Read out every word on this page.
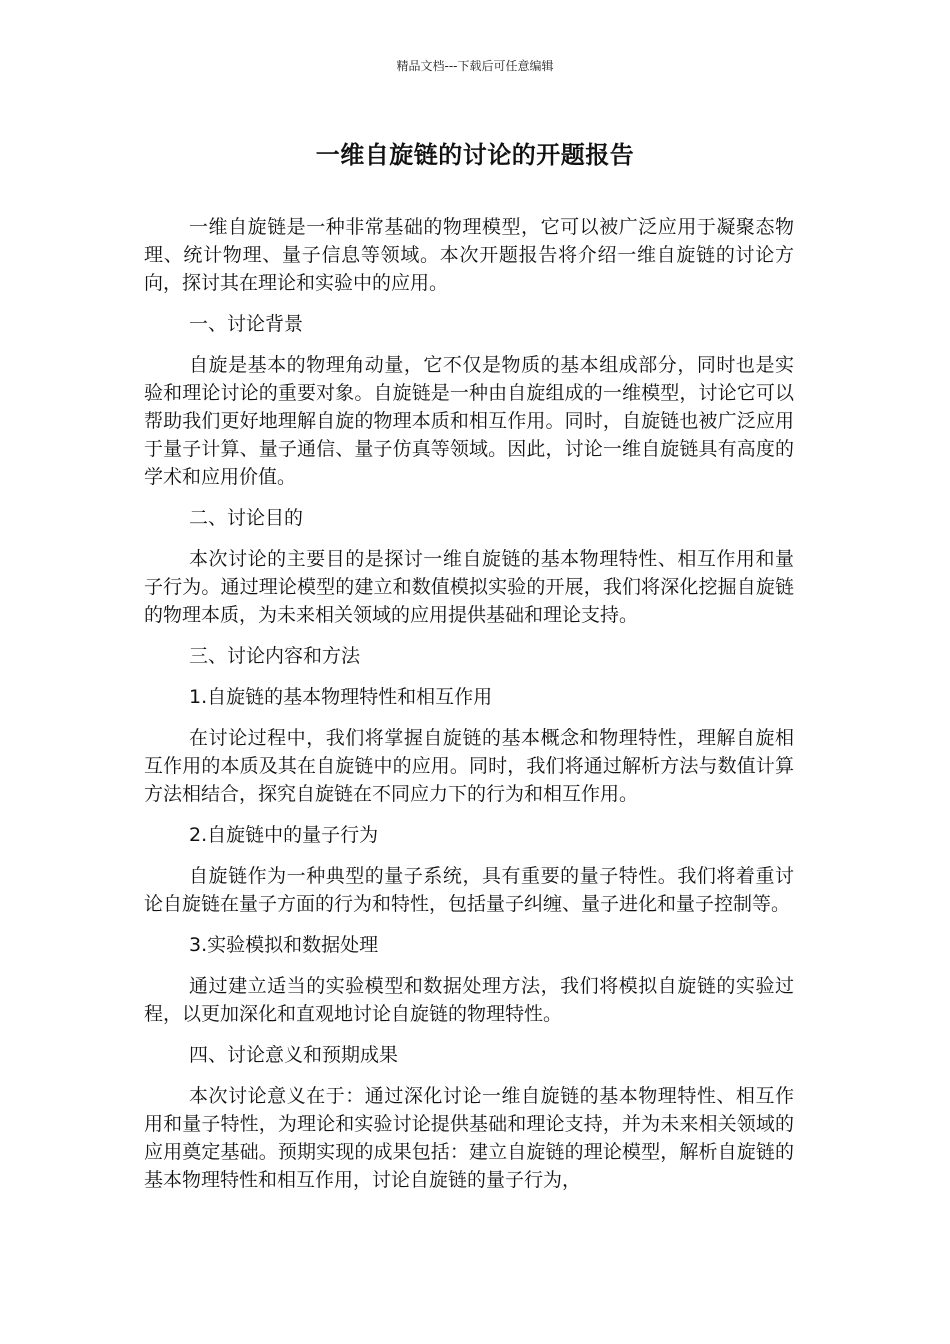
精品文档---下载后可任意编辑
一维自旋链的讨论的开题报告

一维自旋链是一种非常基础的物理模型，它可以被广泛应用于凝聚态物理、统计物理、量子信息等领域。本次开题报告将介绍一维自旋链的讨论方向，探讨其在理论和实验中的应用。

一、讨论背景

自旋是基本的物理角动量，它不仅是物质的基本组成部分，同时也是实验和理论讨论的重要对象。自旋链是一种由自旋组成的一维模型，讨论它可以帮助我们更好地理解自旋的物理本质和相互作用。同时，自旋链也被广泛应用于量子计算、量子通信、量子仿真等领域。因此，讨论一维自旋链具有高度的学术和应用价值。

二、讨论目的

本次讨论的主要目的是探讨一维自旋链的基本物理特性、相互作用和量子行为。通过理论模型的建立和数值模拟实验的开展，我们将深化挖掘自旋链的物理本质，为未来相关领域的应用提供基础和理论支持。

三、讨论内容和方法

1.自旋链的基本物理特性和相互作用

在讨论过程中，我们将掌握自旋链的基本概念和物理特性，理解自旋相互作用的本质及其在自旋链中的应用。同时，我们将通过解析方法与数值计算方法相结合，探究自旋链在不同应力下的行为和相互作用。

2.自旋链中的量子行为

自旋链作为一种典型的量子系统，具有重要的量子特性。我们将着重讨论自旋链在量子方面的行为和特性，包括量子纠缠、量子进化和量子控制等。

3.实验模拟和数据处理

通过建立适当的实验模型和数据处理方法，我们将模拟自旋链的实验过程，以更加深化和直观地讨论自旋链的物理特性。

四、讨论意义和预期成果

本次讨论意义在于：通过深化讨论一维自旋链的基本物理特性、相互作用和量子特性，为理论和实验讨论提供基础和理论支持，并为未来相关领域的应用奠定基础。预期实现的成果包括：建立自旋链的理论模型，解析自旋链的基本物理特性和相互作用，讨论自旋链的量子行为，
